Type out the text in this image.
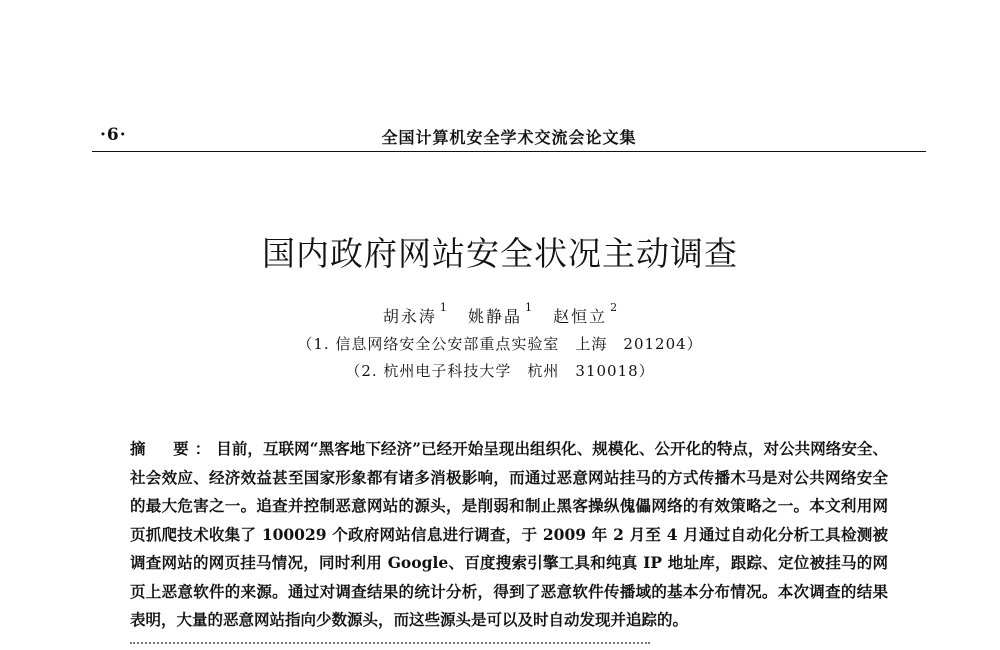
·6·	全国计算机安全学术交流会论文集
国内政府网站安全状况主动调查
胡永涛 $^1$ 姚静晶 $^1$ 赵恒立 $^2$
（1. 信息网络安全公安部重点实验室　上海　201204）
（2. 杭州电子科技大学　杭州　310018）
摘　要：目前，互联网“黑客地下经济”已经开始呈现出组织化、规模化、公开化的特点，对公共网络安全、社会效应、经济效益甚至国家形象都有诸多消极影响，而通过恶意网站挂马的方式传播木马是对公共网络安全的最大危害之一。追查并控制恶意网站的源头，是削弱和制止黑客操纵傀儡网络的有效策略之一。本文利用网页抓爬技术收集了 100029 个政府网站信息进行调查，于 2009 年 2 月至 4 月通过自动化分析工具检测被调查网站的网页挂马情况，同时利用 Google、百度搜索引擎工具和纯真 IP 地址库，跟踪、定位被挂马的网页上恶意软件的来源。通过对调查结果的统计分析，得到了恶意软件传播域的基本分布情况。本次调查的结果表明，大量的恶意网站指向少数源头，而这些源头是可以及时自动发现并追踪的。
